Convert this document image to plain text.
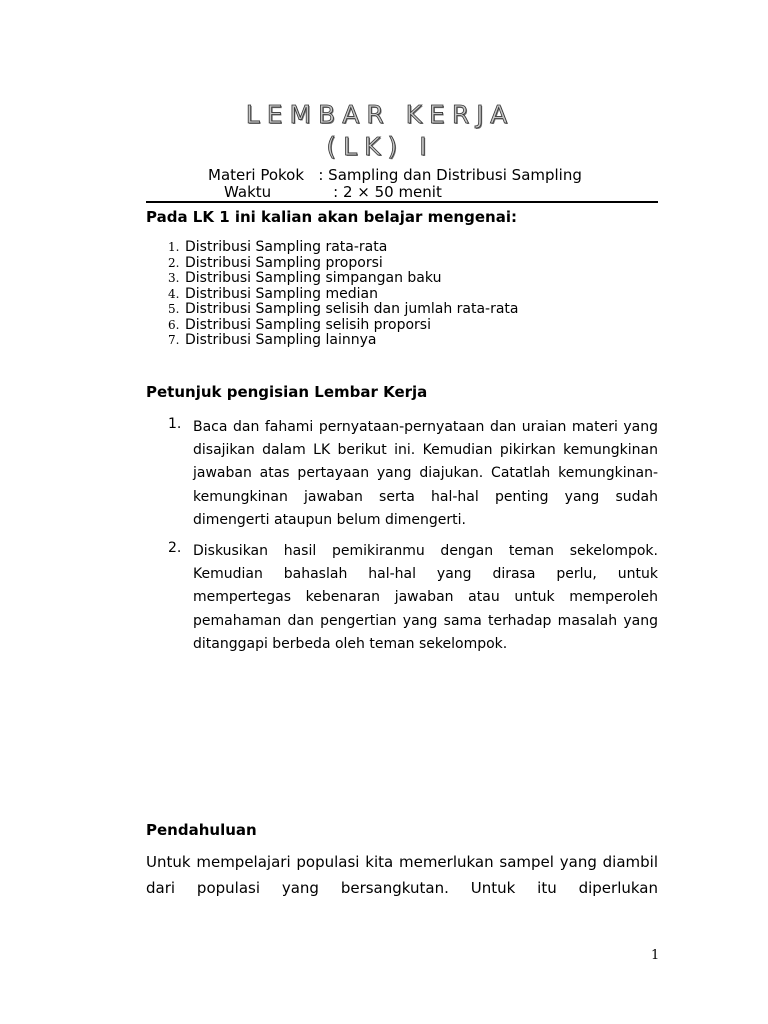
LEMBAR KERJA
(LK) I
Materi Pokok   : Sampling dan Distribusi Sampling
Waktu             : 2 × 50 menit
Pada LK 1 ini kalian akan belajar mengenai:
1. Distribusi Sampling rata-rata
2. Distribusi Sampling proporsi
3. Distribusi Sampling simpangan baku
4. Distribusi Sampling median
5. Distribusi Sampling selisih dan jumlah rata-rata
6. Distribusi Sampling selisih proporsi
7. Distribusi Sampling lainnya
Petunjuk pengisian Lembar Kerja
1. Baca dan fahami pernyataan-pernyataan dan uraian materi yang disajikan dalam LK berikut ini. Kemudian pikirkan kemungkinan jawaban atas pertayaan yang diajukan. Catatlah kemungkinan-kemungkinan jawaban serta hal-hal penting yang sudah dimengerti ataupun belum dimengerti.
2. Diskusikan hasil pemikiranmu dengan teman sekelompok. Kemudian bahaslah hal-hal yang dirasa perlu, untuk mempertegas kebenaran jawaban atau untuk memperoleh pemahaman dan pengertian yang sama terhadap masalah yang ditanggapi berbeda oleh teman sekelompok.
Pendahuluan
Untuk mempelajari populasi kita memerlukan sampel yang diambil dari populasi yang bersangkutan. Untuk itu diperlukan
1
